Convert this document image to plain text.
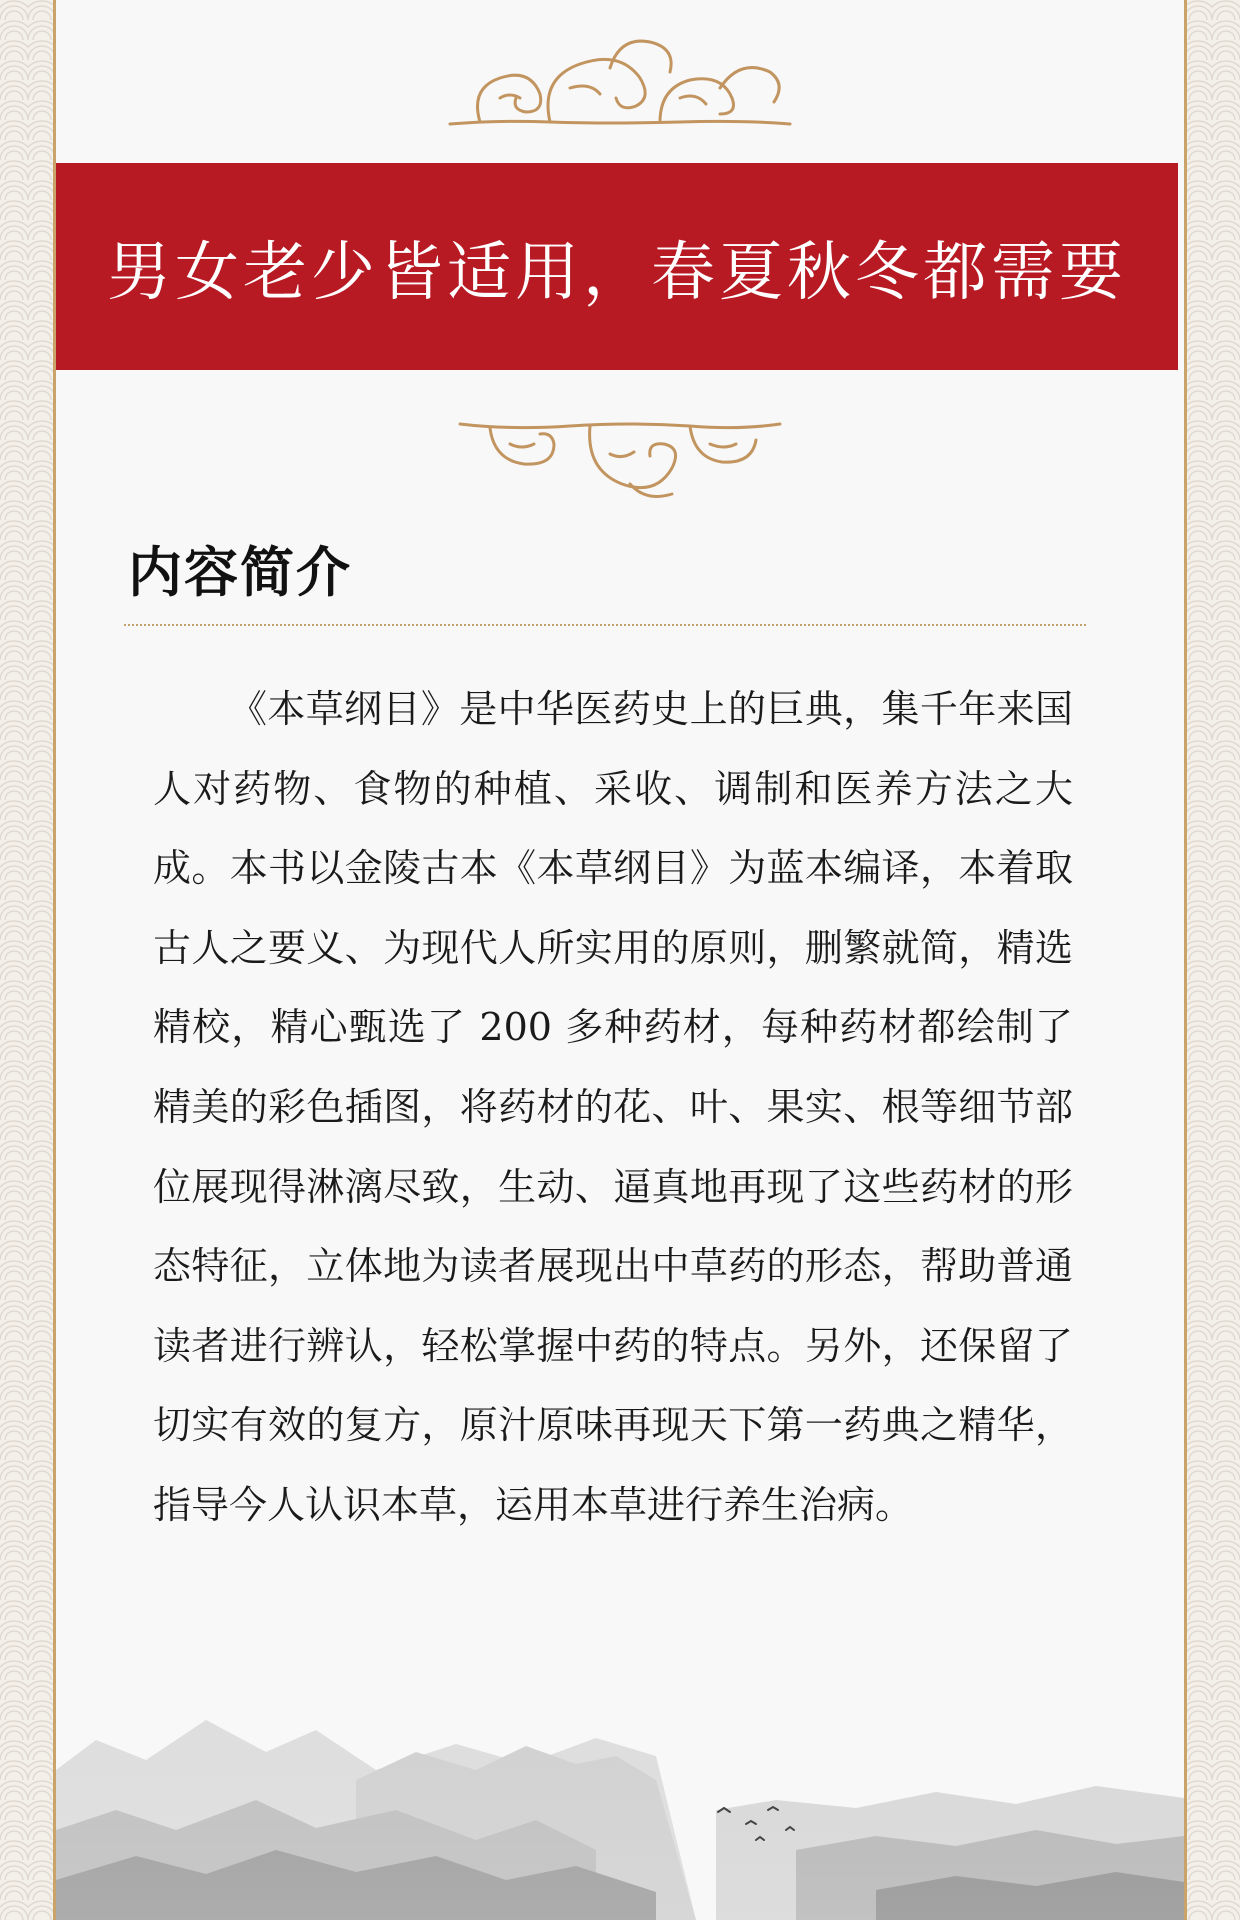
男女老少皆适用，春夏秋冬都需要
内容简介

《本草纲目》是中华医药史上的巨典，集千年来国人对药物、食物的种植、采收、调制和医养方法之大成。本书以金陵古本《本草纲目》为蓝本编译，本着取古人之要义、为现代人所实用的原则，删繁就简，精选精校，精心甄选了 200 多种药材，每种药材都绘制了精美的彩色插图，将药材的花、叶、果实、根等细节部位展现得淋漓尽致，生动、逼真地再现了这些药材的形态特征，立体地为读者展现出中草药的形态，帮助普通读者进行辨认，轻松掌握中药的特点。另外，还保留了切实有效的复方，原汁原味再现天下第一药典之精华，指导今人认识本草，运用本草进行养生治病。
